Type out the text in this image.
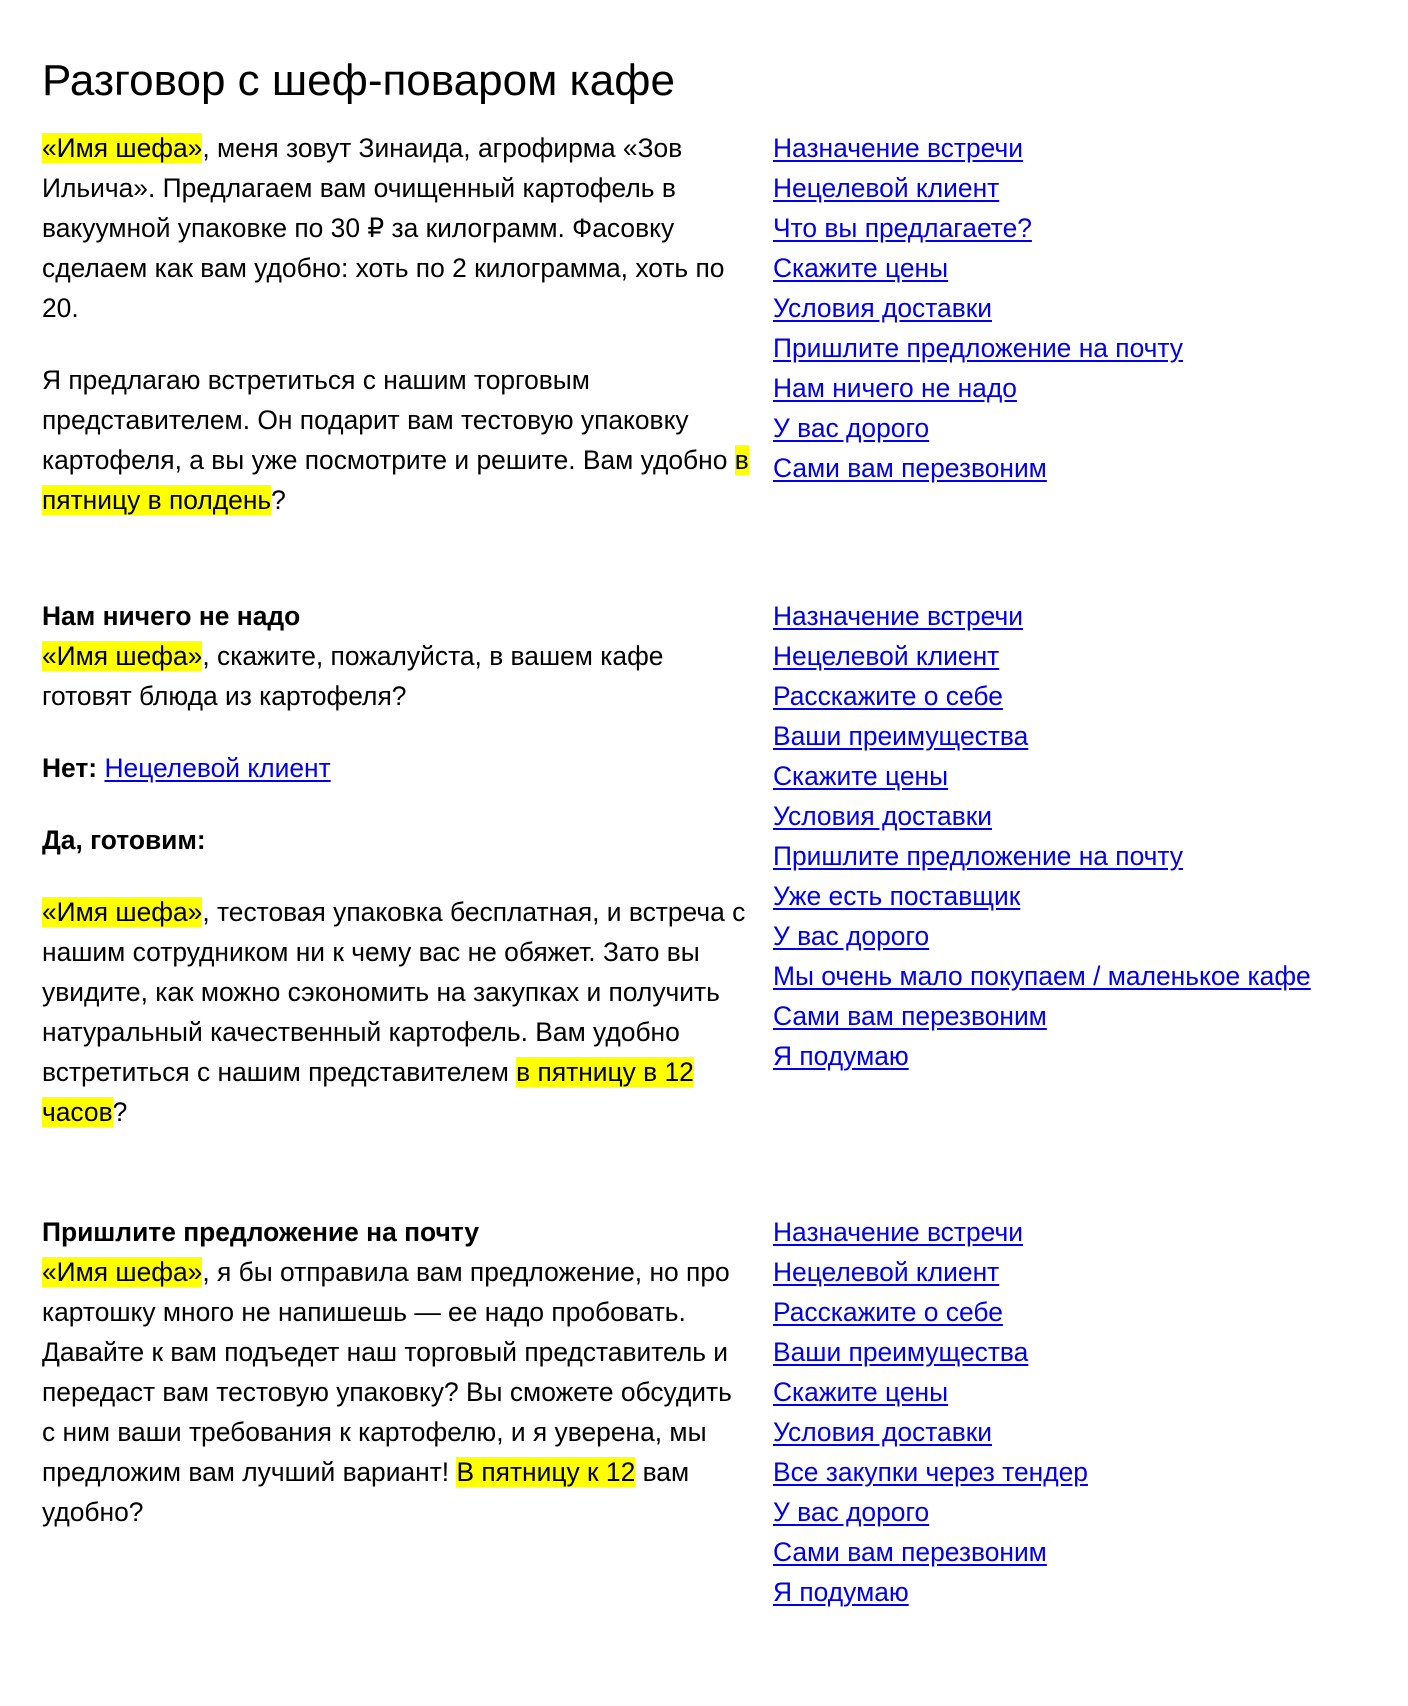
Разговор с шеф-поваром кафе

«Имя шефа», меня зовут Зинаида, агрофирма «Зов Ильича». Предлагаем вам очищенный картофель в вакуумной упаковке по 30 ₽ за килограмм. Фасовку сделаем как вам удобно: хоть по 2 килограмма, хоть по 20.

Я предлагаю встретиться с нашим торговым представителем. Он подарит вам тестовую упаковку картофеля, а вы уже посмотрите и решите. Вам удобно в пятницу в полдень?

Назначение встречи
Нецелевой клиент
Что вы предлагаете?
Скажите цены
Условия доставки
Пришлите предложение на почту
Нам ничего не надо
У вас дорого
Сами вам перезвоним
Нам ничего не надо

«Имя шефа», скажите, пожалуйста, в вашем кафе готовят блюда из картофеля?

Нет: Нецелевой клиент

Да, готовим:

«Имя шефа», тестовая упаковка бесплатная, и встреча с нашим сотрудником ни к чему вас не обяжет. Зато вы увидите, как можно сэкономить на закупках и получить натуральный качественный картофель. Вам удобно встретиться с нашим представителем в пятницу в 12 часов?

Назначение встречи
Нецелевой клиент
Расскажите о себе
Ваши преимущества
Скажите цены
Условия доставки
Пришлите предложение на почту
Уже есть поставщик
У вас дорого
Мы очень мало покупаем / маленькое кафе
Сами вам перезвоним
Я подумаю
Пришлите предложение на почту

«Имя шефа», я бы отправила вам предложение, но про картошку много не напишешь — ее надо пробовать. Давайте к вам подъедет наш торговый представитель и передаст вам тестовую упаковку? Вы сможете обсудить с ним ваши требования к картофелю, и я уверена, мы предложим вам лучший вариант! В пятницу к 12 вам удобно?

Назначение встречи
Нецелевой клиент
Расскажите о себе
Ваши преимущества
Скажите цены
Условия доставки
Все закупки через тендер
У вас дорого
Сами вам перезвоним
Я подумаю
